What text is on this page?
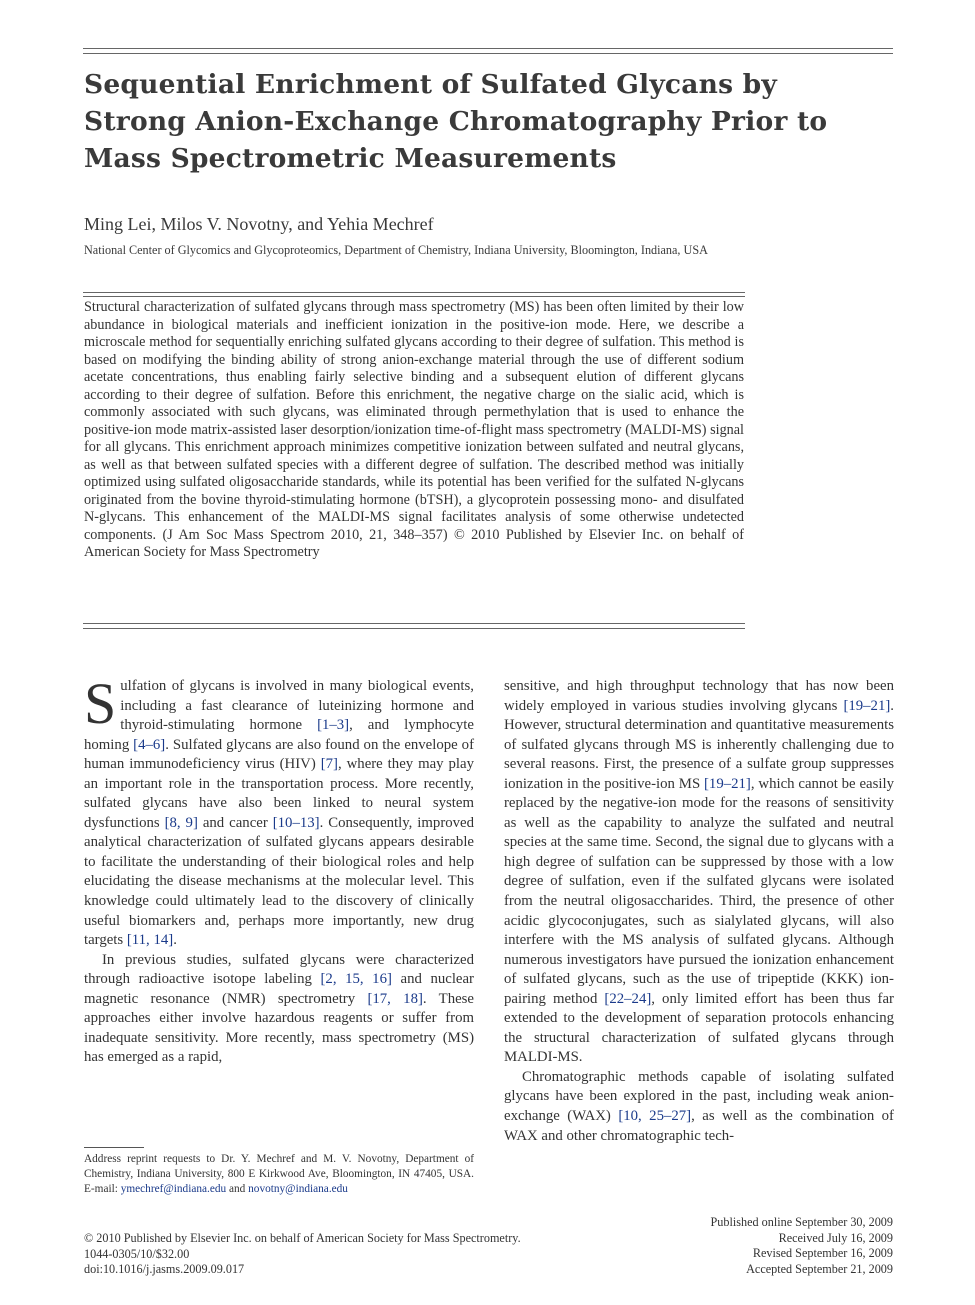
Sequential Enrichment of Sulfated Glycans by Strong Anion-Exchange Chromatography Prior to Mass Spectrometric Measurements
Ming Lei, Milos V. Novotny, and Yehia Mechref
National Center of Glycomics and Glycoproteomics, Department of Chemistry, Indiana University, Bloomington, Indiana, USA
Structural characterization of sulfated glycans through mass spectrometry (MS) has been often limited by their low abundance in biological materials and inefficient ionization in the positive-ion mode. Here, we describe a microscale method for sequentially enriching sulfated glycans according to their degree of sulfation. This method is based on modifying the binding ability of strong anion-exchange material through the use of different sodium acetate concentrations, thus enabling fairly selective binding and a subsequent elution of different glycans according to their degree of sulfation. Before this enrichment, the negative charge on the sialic acid, which is commonly associated with such glycans, was eliminated through permethylation that is used to enhance the positive-ion mode matrix-assisted laser desorption/ionization time-of-flight mass spectrometry (MALDI-MS) signal for all glycans. This enrichment approach minimizes competitive ionization between sulfated and neutral glycans, as well as that between sulfated species with a different degree of sulfation. The described method was initially optimized using sulfated oligosaccharide standards, while its potential has been verified for the sulfated N-glycans originated from the bovine thyroid-stimulating hormone (bTSH), a glycoprotein possessing mono- and disulfated N-glycans. This enhancement of the MALDI-MS signal facilitates analysis of some otherwise undetected components. (J Am Soc Mass Spectrom 2010, 21, 348–357) © 2010 Published by Elsevier Inc. on behalf of American Society for Mass Spectrometry

Sulfation of glycans is involved in many biological events, including a fast clearance of luteinizing hormone and thyroid-stimulating hormone [1–3], and lymphocyte homing [4–6]. Sulfated glycans are also found on the envelope of human immunodeficiency virus (HIV) [7], where they may play an important role in the transportation process. More recently, sulfated glycans have also been linked to neural system dysfunctions [8, 9] and cancer [10–13]. Consequently, improved analytical characterization of sulfated glycans appears desirable to facilitate the understanding of their biological roles and help elucidating the disease mechanisms at the molecular level. This knowledge could ultimately lead to the discovery of clinically useful biomarkers and, perhaps more importantly, new drug targets [11, 14].

In previous studies, sulfated glycans were characterized through radioactive isotope labeling [2, 15, 16] and nuclear magnetic resonance (NMR) spectrometry [17, 18]. These approaches either involve hazardous reagents or suffer from inadequate sensitivity. More recently, mass spectrometry (MS) has emerged as a rapid,

sensitive, and high throughput technology that has now been widely employed in various studies involving glycans [19–21]. However, structural determination and quantitative measurements of sulfated glycans through MS is inherently challenging due to several reasons. First, the presence of a sulfate group suppresses ionization in the positive-ion MS [19–21], which cannot be easily replaced by the negative-ion mode for the reasons of sensitivity as well as the capability to analyze the sulfated and neutral species at the same time. Second, the signal due to glycans with a high degree of sulfation can be suppressed by those with a low degree of sulfation, even if the sulfated glycans were isolated from the neutral oligosaccharides. Third, the presence of other acidic glycoconjugates, such as sialylated glycans, will also interfere with the MS analysis of sulfated glycans. Although numerous investigators have pursued the ionization enhancement of sulfated glycans, such as the use of tripeptide (KKK) ion-pairing method [22–24], only limited effort has been thus far extended to the development of separation protocols enhancing the structural characterization of sulfated glycans through MALDI-MS.

Chromatographic methods capable of isolating sulfated glycans have been explored in the past, including weak anion-exchange (WAX) [10, 25–27], as well as the combination of WAX and other chromatographic tech-

Address reprint requests to Dr. Y. Mechref and M. V. Novotny, Department of Chemistry, Indiana University, 800 E Kirkwood Ave, Bloomington, IN 47405, USA. E-mail: ymechref@indiana.edu and novotny@indiana.edu
© 2010 Published by Elsevier Inc. on behalf of American Society for Mass Spectrometry.
1044-0305/10/$32.00
doi:10.1016/j.jasms.2009.09.017
Published online September 30, 2009
Received July 16, 2009
Revised September 16, 2009
Accepted September 21, 2009
